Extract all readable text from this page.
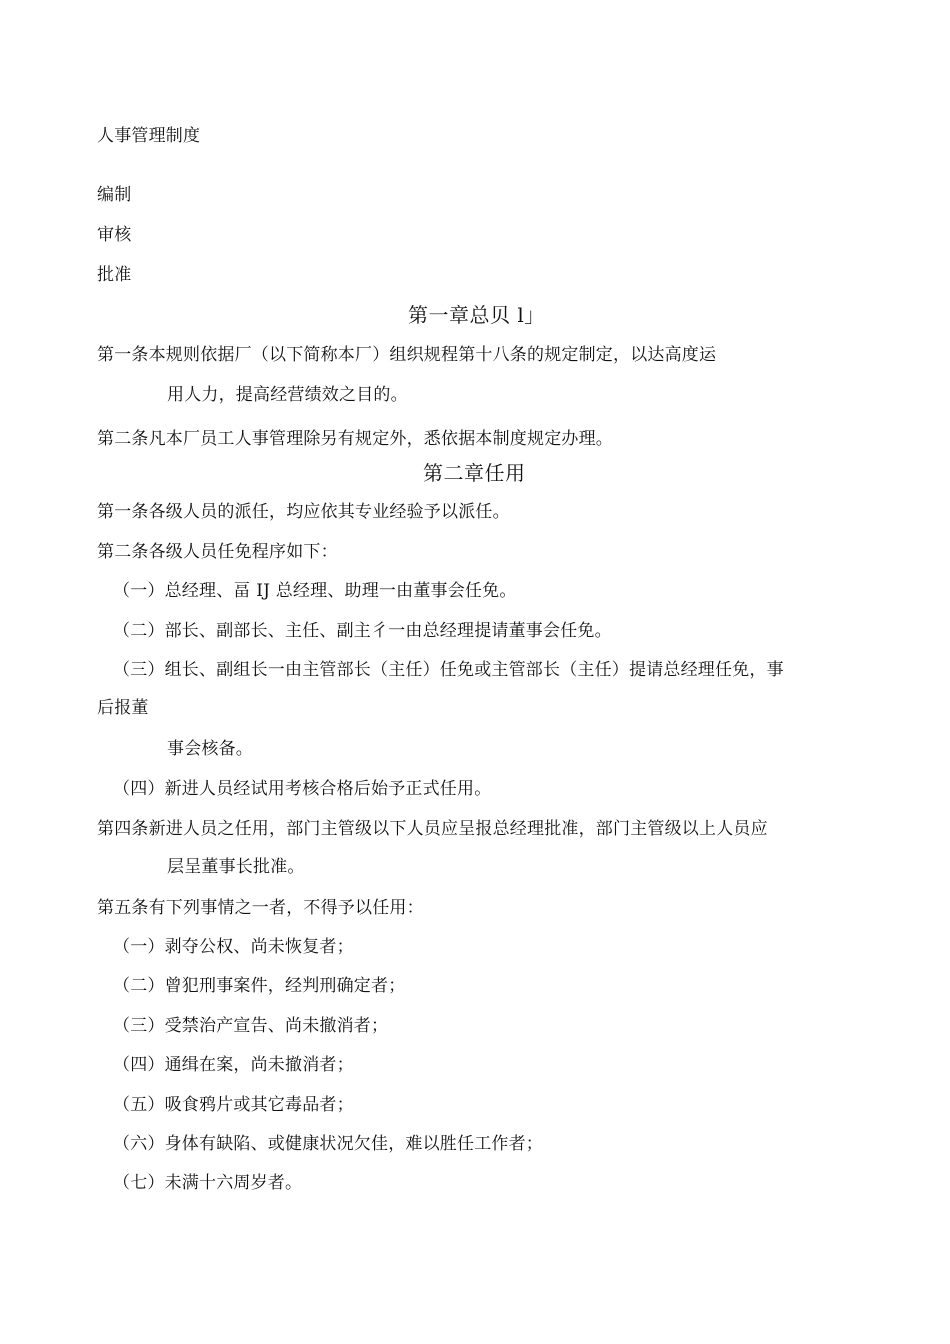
人事管理制度
编制
审核
批准
第一章总贝 l」
第一条本规则依据厂（以下简称本厂）组织规程第十八条的规定制定，以达高度运
用人力，提高经营绩效之目的。
第二条凡本厂员工人事管理除另有规定外，悉依据本制度规定办理。
第二章任用
第一条各级人员的派任，均应依其专业经验予以派任。
第二条各级人员任免程序如下：
（一）总经理、畐 IJ 总经理、助理一由董事会任免。
（二）部长、副部长、主任、副主彳一由总经理提请董事会任免。
（三）组长、副组长一由主管部长（主任）任免或主管部长（主任）提请总经理任免，事
后报董
事会核备。
（四）新进人员经试用考核合格后始予正式任用。
第四条新进人员之任用，部门主管级以下人员应呈报总经理批准，部门主管级以上人员应
层呈董事长批准。
第五条有下列事情之一者，不得予以任用：
（一）剥夺公权、尚未恢复者；
（二）曾犯刑事案件，经判刑确定者；
（三）受禁治产宣告、尚未撤消者；
（四）通缉在案，尚未撤消者；
（五）吸食鸦片或其它毒品者；
（六）身体有缺陷、或健康状况欠佳，难以胜任工作者；
（七）未满十六周岁者。
